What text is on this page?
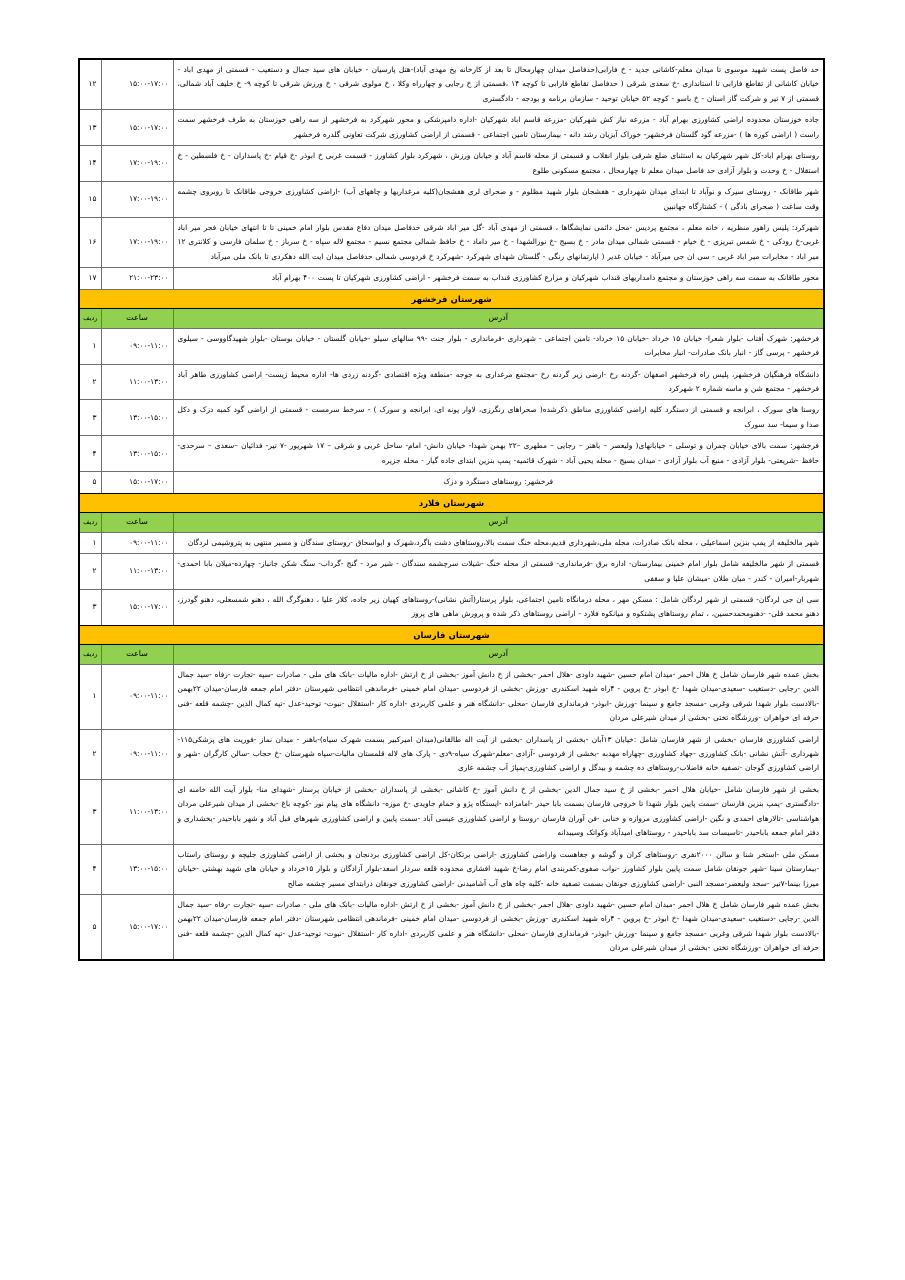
حد فاصل پست شهید موسوی تا میدان معلم-کاشانی جدید - خ فارابی(حدفاصل میدان چهارمحال تا بعد از کارخانه یخ مهدی آباد)-هتل پارسیان - خیابان های سید جمال و دستغیب - قسمتی از مهدی اباد - خیابان کاشانی از تقاطع فارابی تا استانداری -خ سعدی شرقی ( حدفاصل تقاطع فارابی تا کوچه ۱۴ ،قسمتی از خ رجایی و چهارراه وکلا ، خ مولوی شرقی - خ ورزش شرقی تا کوچه ۹- خ خلیف آباد شمالی، قسمتی از ۷ تیر و شرکت گاز استان - خ باسو - کوچه ۵۲ خیابان توحید - سازمان برنامه و بودجه - دادگستری	۱۵:۰۰-۱۷:۰۰	۱۲
جاده خوزستان محدوده اراضی کشاورزی بهرام آباد - مزرعه نیاز کش شهرکیان -مزرعه قاسم اباد شهرکیان -اداره دامپزشکی و محور شهرکرد به فرخشهر از سه راهی خوزستان به طرف فرخشهر سمت راست ( اراضی کوره ها ) -مزرعه گود گلستان فرخشهر- خوراک آبزیان رشد دانه - بیمارستان تامین اجتماعی - قسمتی از اراضی کشاورزی شرکت تعاونی گلدره فرخشهر	۱۵:۰۰-۱۷:۰۰	۱۳
روستای بهرام اباد-کل شهر شهرکیان به استثنای ضلع شرقی بلوار انقلاب و قسمتی از محله قاسم آباد و خیابان ورزش ، شهرکرد بلوار کشاورز - قسمت غربی خ ابوذر -خ قیام -خ پاسداران - خ فلسطین - خ استقلال - خ وحدت و بلوار آزادی حد فاصل میدان معلم تا چهارمحال ، مجتمع مسکونی طلوع	۱۷:۰۰-۱۹:۰۰	۱۴
شهر طاقانک - روستای سیرک و نوآباد تا ابتدای میدان شهرداری - هفشجان بلوار شهید مظلوم - و صحرای لری هفشجان(کلیه مرغداریها و چاههای آب) -اراضی کشاورزی خروجی طاقانک تا روبروی چشمه وقت ساعت ( صحرای بادگی ) - کشتارگاه جهانبین	۱۷:۰۰-۱۹:۰۰	۱۵
شهرکرد: پلیس راهور منظریه ، خانه معلم ، مجتمع پردیس -محل دائمی نمایشگاها ، قسمتی از مهدی آباد -گل میر اباد شرقی حدفاصل میدان دفاع مقدس بلوار امام خمینی تا تا انتهای خیابان فجر میر اباد غربی-خ رودکی - خ شمس تبریزی - خ خیام - قسمتی شمالی میدان مادر - خ بسیج -خ نورالشهدا - خ میر داماد - خ حافظ شمالی مجتمع نسیم - مجتمع لاله سپاه - خ سرباز - خ سلمان فارسی و کلانتری ۱۲ میر اباد - مخابرات میر اباد غربی - سی ان جی میرآباد - خیابان غدیر ( اپارتمانهای رنگی - گلستان شهدای شهرکرد -شهرکرد خ فردوسی شمالی حدفاصل میدان ایت الله دهکردی تا بانک ملی میرآباد	۱۷:۰۰-۱۹:۰۰	۱۶
محور طاقانک به سمت سه راهی خوزستان و مجتمع دامداریهای قنداب شهرکیان و مزارع کشاورزی قنداب به سمت فرخشهر - اراضی کشاورزی شهرکیان تا پست ۴۰۰ بهرام آباد	۲۱:۰۰-۲۳:۰۰	۱۷
شهرستان فرخشهر		
آدرس	ساعت	ردیف
فرخشهر: شهرک أفتاب -بلوار شعرا- خیابان ۱۵ خرداد -خیابان ۱۵ خرداد- تامین اجتماعی - شهرداری -قرمانداری - بلوار جنت -۹۹ سالهای سیلو -خیابان گلستان - خیابان بوستان -بلوار شهیدگاووسی - سیلوی فرخشهر - پرسی گاز - انبار بانک صادرات- انبار مخابرات	۰۹:۰۰-۱۱:۰۰	۱
دانشگاه فرهنگیان فرخشهر، پلیس راه فرخشهر اصفهان -گردنه رخ -ارضی زیر گردنه رخ -مجتمع مرغداری به جوجه -منطقه ویژه اقتصادی -گردنه زردی ها- اداره محیط زیست- اراضی کشاورزی طاهر آباد فرخشهر - مجتمع شن و ماسه شماره ۲ شهرکرد	۱۱:۰۰-۱۳:۰۰	۲
روستا های سورک ، ابرانجه و قسمتی از دستگرد کلیه اراضی کشاورزی مناطق ذکرشده( صحراهای رنگرزی، لاوار پونه ای، ابرانجه و سورک ) - سرخط سرمست - قسمتی از اراضی گود کمبه دزک و دکل صدا و سیما- سد سورک	۱۳:۰۰-۱۵:۰۰	۳
فرخشهر: سمت بالای خیابان چمران و توسلی – خیابانهای( ولیعصر – باهنر – رجایی – مطهری –۲۲ بهمن شهدا- خیابان دانش- امام- ساحل غربی و شرقی – ۱۷ شهریور -۷ تیر- فدائیان –سعدی – سرحدی- حافظ –شریعتی- بلوار آزادی - منبع آب بلوار آزادی - میدان بسیج - محله یحیی آباد - شهرک قائمیه- پمپ بنزین ابتدای جاده گیار - محله جزیره	۱۳:۰۰-۱۵:۰۰	۴
فرخشهر: روستاهای دستگرد و دزک	۱۵:۰۰-۱۷:۰۰	۵
شهرستان فلارد		
آدرس	ساعت	ردیف
شهر مالخلیفه از پمپ بنزین اسماعیلی ، محله بانک صادرات، محله ملی،شهرداری قدیم،محله خنگ سمت بالا،روستاهای دشت باگرد،شهرک و ابواسحاق -روستای سندگان و مسیر منتهی به پتروشیمی لردگان	۰۹:۰۰-۱۱:۰۰	۱
قسمتی از شهر مالخلیفه شامل بلوار امام خمینی بیمارستان- اداره برق -فرمانداری- قسمتی از محله خنگ -شیلات سرچشمه سندگان - شیر مرد - گنج -گرداب- سنگ شکن جانباز- چهارده-میلان بابا احمدی-شهربار-امیران - کندر - میان طلان -میشان علیا و سقفی	۱۱:۰۰-۱۳:۰۰	۲
سی ان جی لردگان- قسمتی از شهر لردگان شامل : مسکن مهر ، محله درمانگاه تامین اجتماعی، بلوار پرستار(آتش نشانی)-روستاهای کهیان زیر جاده، کلار علیا ، دهنوگرگ الله ، دهنو شمسعلی، دهنو گودرز، دهنو محمد قلی- -دهنومحمدحسین، ، تمام روستاهای پشتکوه و میانکوه فلارد - اراضی روستاهای ذکر شده و پرورش ماهی های پروز	۱۵:۰۰-۱۷:۰۰	۳
شهرستان فارسان		
آدرس	ساعت	ردیف
بخش عمده شهر فارسان شامل خ هلال احمر -میدان امام حسین -شهید داودی -هلال احمر -بخشی از خ دانش آموز -بخشی از خ ارتش -اداره مالیات -بانک های ملی - صادرات -سپه -تجارت -رفاه -سید جمال الدین -رجایی -دستغیب -سعیدی-میدان شهدا -خ ابوذر -خ پروین - ۴راه شهید اسکندری -ورزش -بخشی از فردوسی -میدان امام خمینی -فرماندهی انتظامی شهرستان -دفتر امام جمعه فارسان-میدان ۲۲بهمن -بالادست بلوار شهدا شرقی وغربی -مسجد جامع و سینما -ورزش -ابوذر- فرمانداری فارسان -محلی -دانشگاه هنر و علمی کاربردی -اداره کار -استقلال -نبوت- توحید-عدل -تپه کمال الدین -چشمه قلعه -فنی حرفه ای خواهران -ورزشگاه تختی -بخشی از میدان شیرعلی مردان	۰۹:۰۰-۱۱:۰۰	۱
اراضی کشاورزی فارسان -بخشی از شهر فارسان شامل :خیابان ۱۳آبان -بخشی از پاسداران -بخشی از آیت اله طالقانی(میدان امیرکبیر بسمت شهرک سیاه)-باهنر - میدان نماز -فوریت های پزشکی۱۱۵-شهرداری -آتش نشانی -بانک کشاورزی -جهاد کشاورزی -چهاراه مهدبه -بخشی از فردوسی -آزادی -معلم-شهرک سیاه-۹دی - پارک های لاله قلمستان مالیات-سپاه شهرستان -خ حجاب -سالن کارگران -شهر و اراضی کشاورزی گوجان -تصفیه خانه فاضلاب-روستاهای ده چشمه و بیدگل و اراضی کشاورزی-پمپاژ آب چشمه عاری	۰۹:۰۰-۱۱:۰۰	۲
بخشی از شهر فارسان شامل -خیابان هلال احمر -بخشی از خ سید جمال الدین -بخشی از خ دانش آموز -خ کاشانی -بخشی از پاسداران -بخشی از خیابان پرستار -شهدای منا- بلوار آیت الله خامنه ای -دادگستری -پمپ بنزین فارسان -سمت پایین بلوار شهدا تا خروجی فارسان بسمت بابا حیدر -امامزاده -ایستگاه پژو و حمام جاویدی -خ موزه- دانشگاه های پیام نور -کوچه باغ -بخشی از میدان شیرعلی مردان هواشناسی -تالارهای احمدی و نگین -اراضی کشاورزی مروازه و خنابی -فن آوران فارسان -روستا و اراضی کشاورزی عیسی آباد -سمت پایین و اراضی کشاورزی شهرهای قبل آباد و شهر باباحیدر -بخشداری و دفتر امام جمعه باباحیدر -تاسیسات سد باباحیدر - روستاهای امیدآباد وکواتک وسیبدانه	۱۱:۰۰-۱۳:۰۰	۳
مسکن ملی -استخر شنا و سالن ۲۰۰۰نفری -روستاهای کران و گوشه و جغاهست واراضی کشاورزی -اراضی برتکان-کل اراضی کشاورزی بردنجان و بخشی از اراضی کشاورزی جلیچه و روستای راستاب -بیمارستان سینا -شهر جونقان شامل سمت پایین بلوار کشاورز -نواب صفوی-کمربندی امام رضا-خ شهید افشاری محدوده قلعه سردار اسعد-بلوار آزادگان و بلوار ۱۵خرداد و خیابان های شهید بهشتی -خیابان میرزا بینما-۷تیر -سجد ولیعصر-مسجد النبی -اراضی کشاورزی جونقان بسمت تصفیه خانه -کلیه چاه های آب آشامیدنی -اراضی کشاورزی جونقان درابتدای مسیر چشمه صالح	۱۳:۰۰-۱۵:۰۰	۴
بخش عمده شهر فارسان شامل خ هلال احمر -میدان امام حسین -شهید داودی -هلال احمر -بخشی از خ دانش آموز -بخشی از خ ارتش -اداره مالیات -بانک های ملی - صادرات -سپه -تجارت -رفاه -سید جمال الدین -رجایی -دستغیب -سعیدی-میدان شهدا -خ ابوذر -خ پروین - ۴راه شهید اسکندری -ورزش -بخشی از فردوسی -میدان امام خمینی -فرماندهی انتظامی شهرستان -دفتر امام جمعه فارسان-میدان ۲۲بهمن -بالادست بلوار شهدا شرقی وغربی -مسجد جامع و سینما -ورزش -ابوذر- فرمانداری فارسان -محلی -دانشگاه هنر و علمی کاربردی -اداره کار -استقلال -نبوت- توحید-عدل -تپه کمال الدین -چشمه قلعه -فنی حرفه ای خواهران -ورزشگاه تختی -بخشی از میدان شیرعلی مردان	۱۵:۰۰-۱۷:۰۰	۵
